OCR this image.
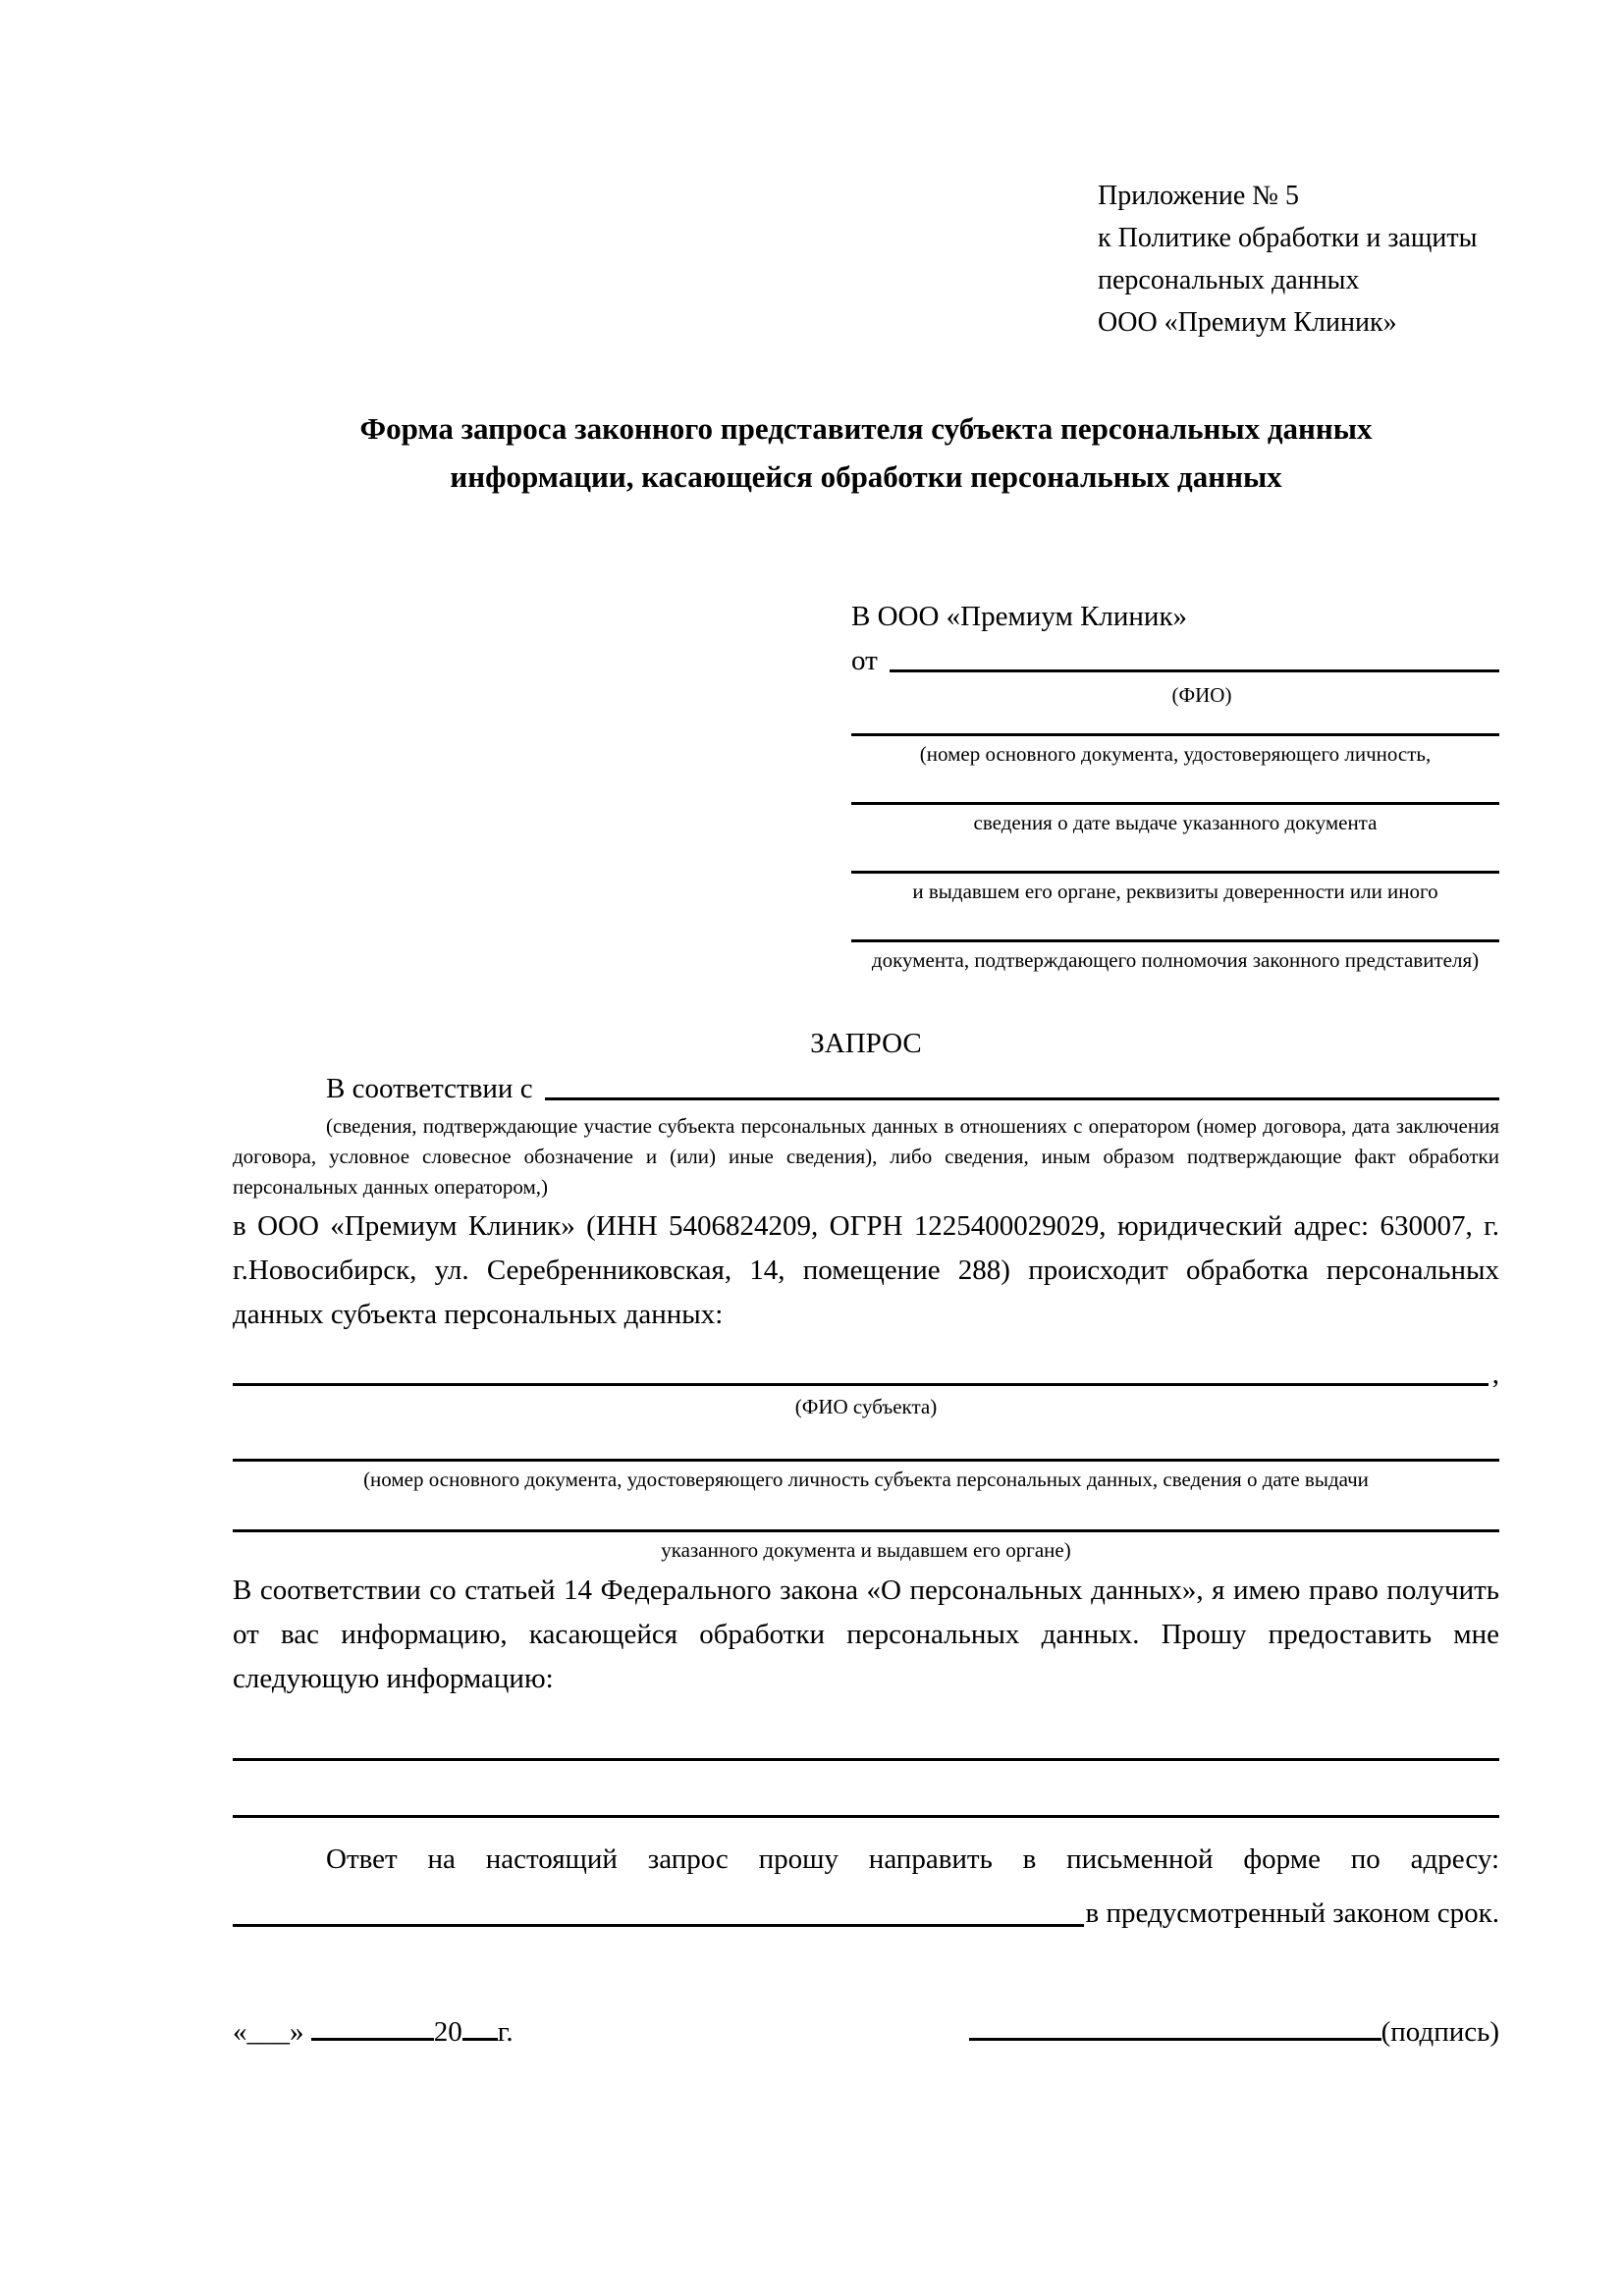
Приложение № 5
к Политике обработки и защиты
персональных данных
ООО «Премиум Клиник»
Форма запроса законного представителя субъекта персональных данных
информации, касающейся обработки персональных данных
В ООО «Премиум Клиник»
от
(ФИО)
(номер основного документа, удостоверяющего личность,
сведения о дате выдаче указанного документа
и выдавшем его органе, реквизиты доверенности или иного
документа, подтверждающего полномочия законного представителя)
ЗАПРОС
В соответствии с
(сведения, подтверждающие участие субъекта персональных данных в отношениях с оператором (номер договора, дата заключения договора, условное словесное обозначение и (или) иные сведения), либо сведения, иным образом подтверждающие факт обработки персональных данных оператором,)
в ООО «Премиум Клиник» (ИНН 5406824209, ОГРН 1225400029029, юридический адрес: 630007, г. г.Новосибирск, ул. Серебренниковская, 14, помещение 288) происходит обработка персональных данных субъекта персональных данных:
,
(ФИО субъекта)
(номер основного документа, удостоверяющего личность субъекта персональных данных, сведения о дате выдачи
указанного документа и выдавшем его органе)
В соответствии со статьей 14 Федерального закона «О персональных данных», я имею право получить от вас информацию, касающейся обработки персональных данных. Прошу предоставить мне следующую информацию:
Ответ на настоящий запрос прошу направить в письменной форме по адресу:
в предусмотренный законом срок.
«___»	20 г.	(подпись)
